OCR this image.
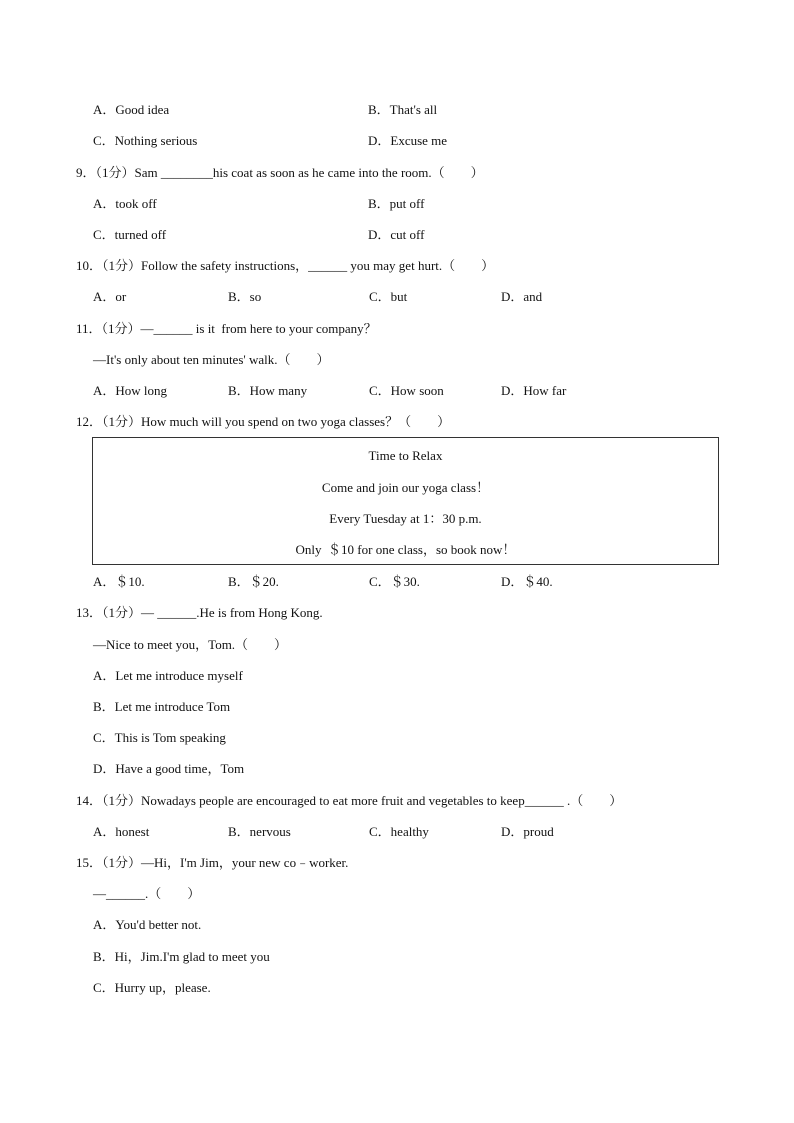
A．Good idea	B．That's all
C．Nothing serious	D．Excuse me
9．（1分）Sam ________his coat as soon as he came into the room.（　　）
A．took off	B．put off
C．turned off	D．cut off
10．（1分）Follow the safety instructions，______ you may get hurt.（　　）
A．or	B．so	C．but	D．and
11．（1分）—______ is it  from here to your company？
—It's only about ten minutes' walk.（　　）
A．How long	B．How many	C．How soon	D．How far
12．（1分）How much will you spend on two yoga classes？（　　）
Time to Relax
Come and join our yoga class！
Every Tuesday at 1：30 p.m.
Only  ＄10 for one class，so book now！
A．＄10.	B．＄20.	C．＄30.	D．＄40.
13．（1分）— ______.He is from Hong Kong.
—Nice to meet you，Tom.（　　）
A．Let me introduce myself
B．Let me introduce Tom
C．This is Tom speaking
D．Have a good time，Tom
14．（1分）Nowadays people are encouraged to eat more fruit and vegetables to keep______ .（　　）
A．honest	B．nervous	C．healthy	D．proud
15．（1分）—Hi，I'm Jim，your new co﹣worker.
—______.（　　）
A．You'd better not.
B．Hi，Jim.I'm glad to meet you
C．Hurry up，please.
